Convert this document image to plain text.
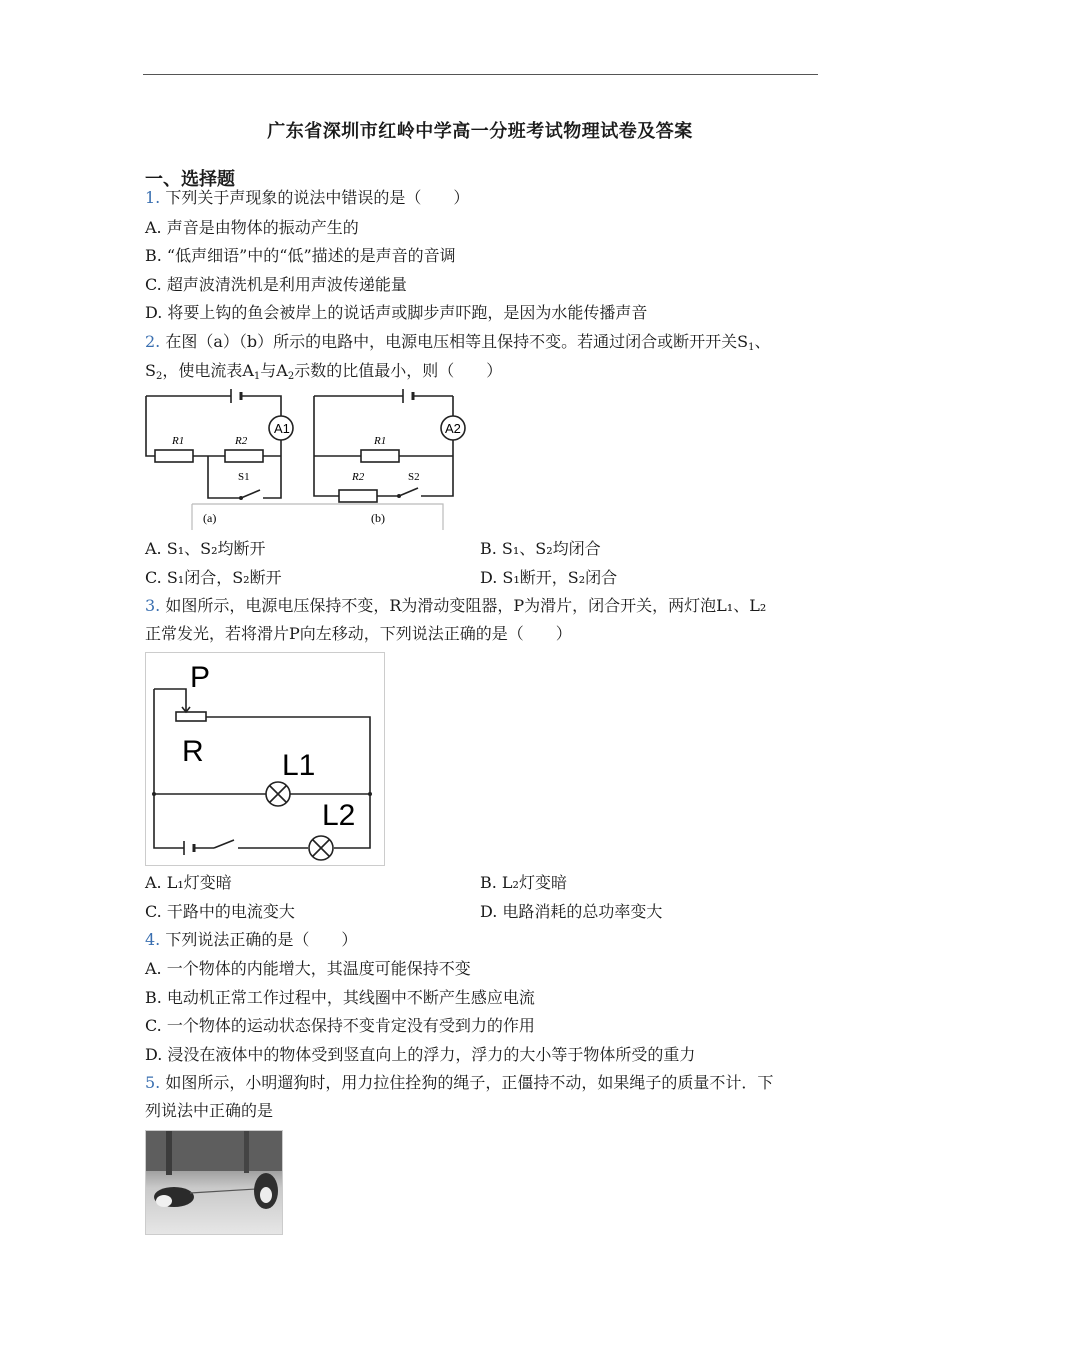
广东省深圳市红岭中学高一分班考试物理试卷及答案
一、选择题
1. 下列关于声现象的说法中错误的是（　　）
A. 声音是由物体的振动产生的
B. “低声细语”中的“低”描述的是声音的音调
C. 超声波清洗机是利用声波传递能量
D. 将要上钩的鱼会被岸上的说话声或脚步声吓跑，是因为水能传播声音
2. 在图（a）（b）所示的电路中，电源电压相等且保持不变。若通过闭合或断开开关$S_1$、
$S_2$，使电流表$A_1$与$A_2$示数的比值最小，则（　　）
A1
R1	R2
S1
(a)
A2
R1
R2	S2
(b)
A. S₁、S₂均断开	B. S₁、S₂均闭合
C. S₁闭合，S₂断开	D. S₁断开，S₂闭合
3. 如图所示，电源电压保持不变，R为滑动变阻器，P为滑片，闭合开关，两灯泡L₁、L₂
正常发光，若将滑片P向左移动，下列说法正确的是（　　）
P
R	L1
L2
A. L₁灯变暗	B. L₂灯变暗
C. 干路中的电流变大	D. 电路消耗的总功率变大
4. 下列说法正确的是（　　）
A. 一个物体的内能增大，其温度可能保持不变
B. 电动机正常工作过程中，其线圈中不断产生感应电流
C. 一个物体的运动状态保持不变肯定没有受到力的作用
D. 浸没在液体中的物体受到竖直向上的浮力，浮力的大小等于物体所受的重力
5. 如图所示，小明遛狗时，用力拉住拴狗的绳子，正僵持不动，如果绳子的质量不计．下
列说法中正确的是
